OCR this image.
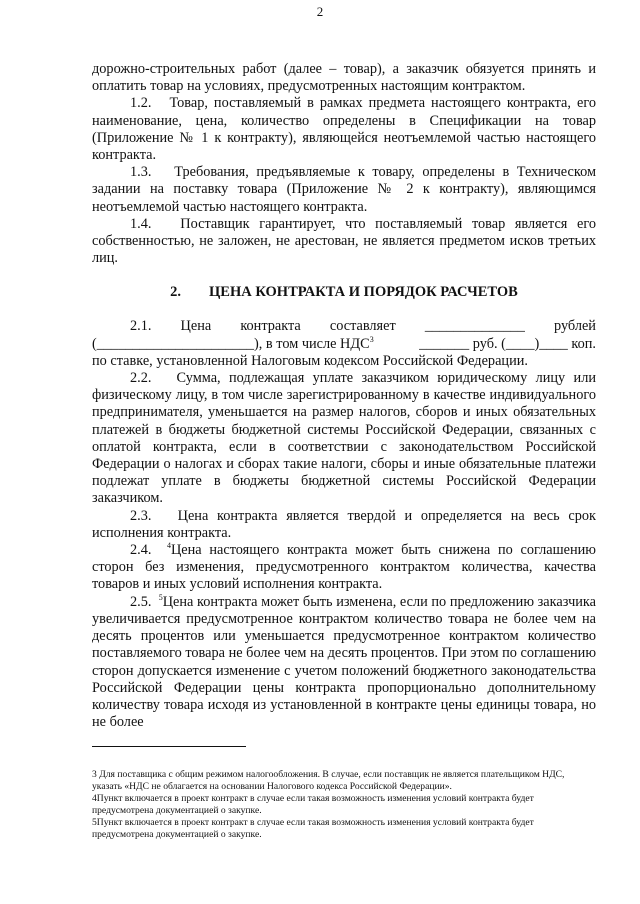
2

дорожно-строительных работ (далее – товар), а заказчик обязуется принять и оплатить товар на условиях, предусмотренных настоящим контрактом.

1.2.   Товар, поставляемый в рамках предмета настоящего контракта, его наименование, цена, количество определены в Спецификации на товар (Приложение № 1 к контракту), являющейся неотъемлемой частью настоящего контракта.

1.3.   Требования, предъявляемые к товару, определены в Техническом задании на поставку товара (Приложение № 2 к контракту), являющимся неотъемлемой частью настоящего контракта.

1.4.   Поставщик гарантирует, что поставляемый товар является его собственностью, не заложен, не арестован, не является предметом исков третьих лиц.

2. ЦЕНА КОНТРАКТА И ПОРЯДОК РАСЧЕТОВ
2.1. Цена контракта составляет ______________ рублей
(______________________), в том числе НДС$^3$	_______ руб. (____)____ коп.

по ставке, установленной Налоговым кодексом Российской Федерации.

2.2.   Сумма, подлежащая уплате заказчиком юридическому лицу или физическому лицу, в том числе зарегистрированному в качестве индивидуального предпринимателя, уменьшается на размер налогов, сборов и иных обязательных платежей в бюджеты бюджетной системы Российской Федерации, связанных с оплатой контракта, если в соответствии с законодательством Российской Федерации о налогах и сборах такие налоги, сборы и иные обязательные платежи подлежат уплате в бюджеты бюджетной системы Российской Федерации заказчиком.

2.3.   Цена контракта является твердой и определяется на весь срок исполнения контракта.

2.4.  $^4$Цена настоящего контракта может быть снижена по соглашению сторон без изменения, предусмотренного контрактом количества, качества товаров и иных условий исполнения контракта.

2.5.  $^5$Цена контракта может быть изменена, если по предложению заказчика увеличивается предусмотренное контрактом количество товара не более чем на десять процентов или уменьшается предусмотренное контрактом количество поставляемого товара не более чем на десять процентов. При этом по соглашению сторон допускается изменение с учетом положений бюджетного законодательства Российской Федерации цены контракта пропорционально дополнительному количеству товара исходя из установленной в контракте цены единицы товара, но не более

3 Для поставщика с общим режимом налогообложения. В случае, если поставщик не является плательщиком НДС, указать «НДС не облагается на основании Налогового кодекса Российской Федерации».

4Пункт включается в проект контракт в случае если такая возможность изменения условий контракта будет предусмотрена документацией о закупке.

5Пункт включается в проект контракт в случае если такая возможность изменения условий контракта будет предусмотрена документацией о закупке.
